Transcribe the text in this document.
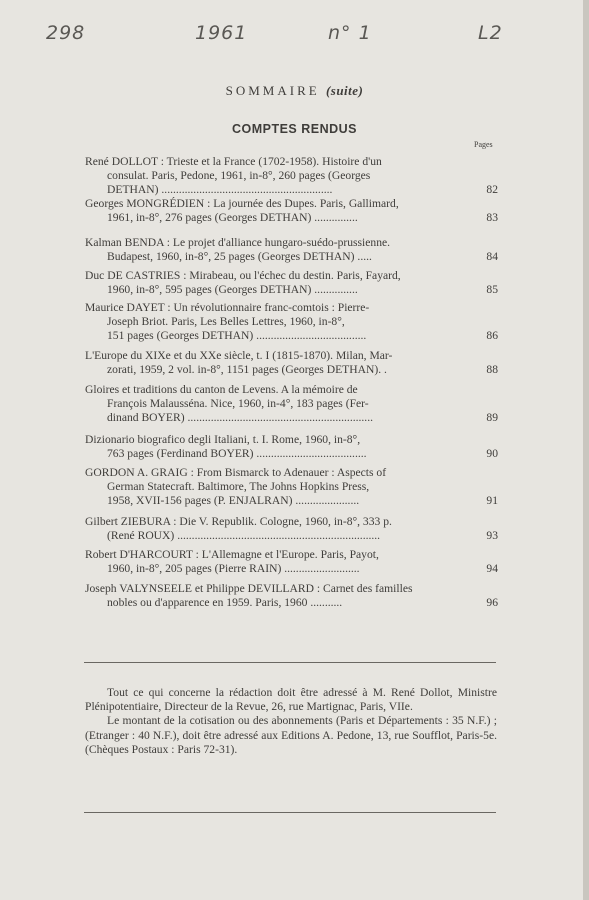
298	1961	n° 1	L2
SOMMAIRE (suite)
COMPTES RENDUS
Pages
René DOLLOT : Trieste et la France (1702-1958). Histoire d'un
consulat. Paris, Pedone, 1961, in-8°, 260 pages (Georges
DETHAN) ...........................................................	82
Georges MONGRÉDIEN : La journée des Dupes. Paris, Gallimard,
1961, in-8°, 276 pages (Georges DETHAN) ...............	83
Kalman BENDA : Le projet d'alliance hungaro-suédo-prussienne.
Budapest, 1960, in-8°, 25 pages (Georges DETHAN) .....	84
Duc DE CASTRIES : Mirabeau, ou l'échec du destin. Paris, Fayard,
1960, in-8°, 595 pages (Georges DETHAN) ...............	85
Maurice DAYET : Un révolutionnaire franc-comtois : Pierre-
Joseph Briot. Paris, Les Belles Lettres, 1960, in-8°,
151 pages (Georges DETHAN) ......................................	86
L'Europe du XIXe et du XXe siècle, t. I (1815-1870). Milan, Mar-
zorati, 1959, 2 vol. in-8°, 1151 pages (Georges DETHAN). .	88
Gloires et traditions du canton de Levens. A la mémoire de
François Malausséna. Nice, 1960, in-4°, 183 pages (Fer-
dinand BOYER) ................................................................	89
Dizionario biografico degli Italiani, t. I. Rome, 1960, in-8°,
763 pages (Ferdinand BOYER) ......................................	90
GORDON A. GRAIG : From Bismarck to Adenauer : Aspects of
German Statecraft. Baltimore, The Johns Hopkins Press,
1958, XVII-156 pages (P. ENJALRAN) ......................	91
Gilbert ZIEBURA : Die V. Republik. Cologne, 1960, in-8°, 333 p.
(René ROUX) ......................................................................	93
Robert D'HARCOURT : L'Allemagne et l'Europe. Paris, Payot,
1960, in-8°, 205 pages (Pierre RAIN) ..........................	94
Joseph VALYNSEELE et Philippe DEVILLARD : Carnet des familles
nobles ou d'apparence en 1959. Paris, 1960 ...........	96
Tout ce qui concerne la rédaction doit être adressé à M. René Dollot, Ministre Plénipotentiaire, Directeur de la Revue, 26, rue Martignac, Paris, VIIe.
Le montant de la cotisation ou des abonnements (Paris et Départements : 35 N.F.) ; (Etranger : 40 N.F.), doit être adressé aux Editions A. Pedone, 13, rue Soufflot, Paris-5e. (Chèques Postaux : Paris 72-31).
